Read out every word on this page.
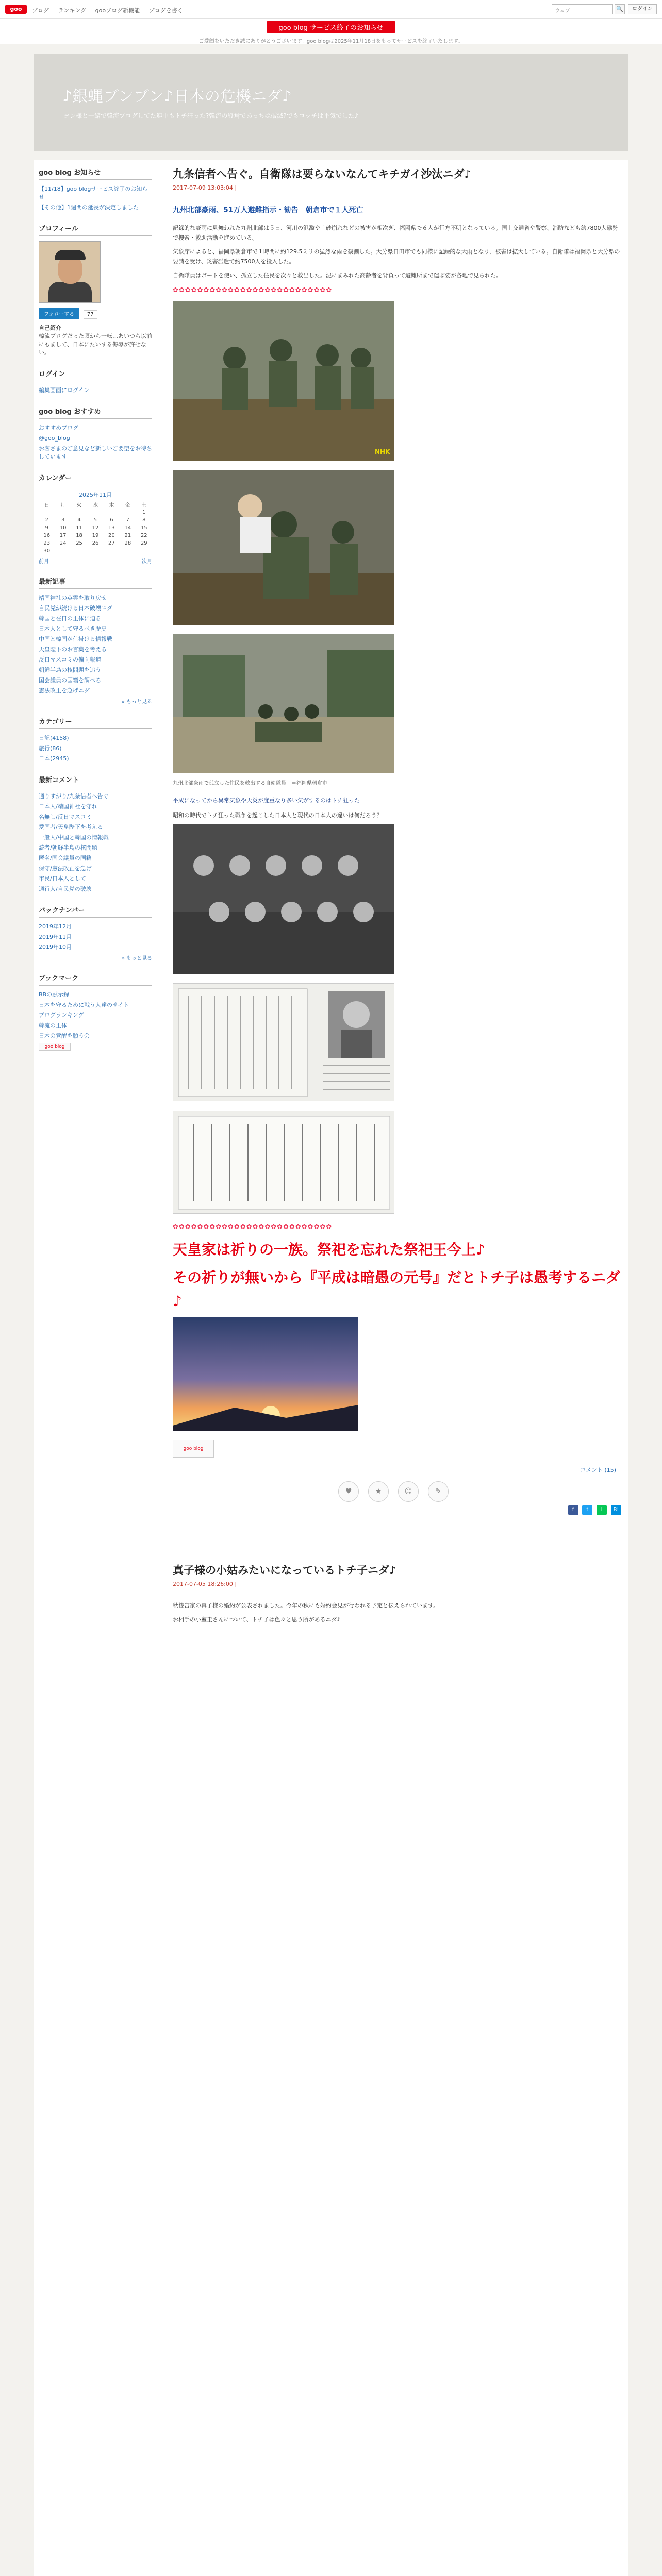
goo	ブログ ランキング gooブログ新機能 ブログを書く	ウェブ	🔍	ログイン
goo blog サービス終了のお知らせ
ご愛顧をいただき誠にありがとうございます。goo blogは2025年11月18日をもってサービスを終了いたします。
♪銀蝿ブンブン♪日本の危機ニダ♪
ヨン様と一緒で韓流ブログしてた連中もトチ狂った?韓流の終焉であっちは破滅?でもコッチは平気でした♪
goo blog お知らせ
【11/18】goo blogサービス終了のお知らせ
【その他】1週間の延長が決定しました
プロフィール
フォローする 77
自己紹介
韓流ブログだった頃から一転…あいつら以前にもまして、日本にたいする侮辱が許せない。
ログイン
編集画面にログイン
goo blog おすすめ
おすすめブログ
@goo_blog
お客さまのご意見など新しいご要望をお待ちしています
カレンダー
2025年11月
日	月	火	水	木	金	土
						1
2	3	4	5	6	7	8
9	10	11	12	13	14	15
16	17	18	19	20	21	22
23	24	25	26	27	28	29
30						
前月	次月
最新記事
靖国神社の英霊を取り戻せ
自民党が続ける日本破壊ニダ
韓国と在日の正体に迫る
日本人として守るべき歴史
中国と韓国が仕掛ける情報戦
天皇陛下のお言葉を考える
反日マスコミの偏向報道
朝鮮半島の核問題を追う
国会議員の国籍を調べろ
憲法改正を急げニダ
» もっと見る
カテゴリー
日記(4158)
旅行(86)
日本(2945)
最新コメント
通りすがり/九条信者へ告ぐ
日本人/靖国神社を守れ
名無し/反日マスコミ
愛国者/天皇陛下を考える
一般人/中国と韓国の情報戦
読者/朝鮮半島の核問題
匿名/国会議員の国籍
保守/憲法改正を急げ
市民/日本人として
通行人/自民党の破壊
バックナンバー
2019年12月
2019年11月
2019年10月
» もっと見る
ブックマーク
BBの黙示録
日本を守るために戦う人達のサイト
ブログランキング
韓流の正体
日本の覚醒を願う会
goo blog
九条信者へ告ぐ。自衛隊は要らないなんてキチガイ沙汰ニダ♪
2017-07-09 13:03:04 |
九州北部豪雨、51万人避難指示・勧告　朝倉市で１人死亡
記録的な豪雨に見舞われた九州北部は５日、河川の氾濫や土砂崩れなどの被害が相次ぎ、福岡県で６人が行方不明となっている。国土交通省や警察、消防なども約7800人態勢で捜索・救助活動を進めている。
気象庁によると、福岡県朝倉市で１時間に約129.5ミリの猛烈な雨を観測した。大分県日田市でも同様に記録的な大雨となり、被害は拡大している。自衛隊は福岡県と大分県の要請を受け、災害派遣で約7500人を投入した。
自衛隊員はボートを使い、孤立した住民を次々と救出した。泥にまみれた高齢者を背負って避難所まで運ぶ姿が各地で見られた。
✿✿✿✿✿✿✿✿✿✿✿✿✿✿✿✿✿✿✿✿✿✿✿✿✿✿
NHK
九州北部豪雨で孤立した住民を救出する自衛隊員　＝福岡県朝倉市
平成になってから異常気象や天災が度重なり多い気がするのはトチ狂った
昭和の時代でトチ狂った戦争を起こした日本人と現代の日本人の違いは何だろう？
✿✿✿✿✿✿✿✿✿✿✿✿✿✿✿✿✿✿✿✿✿✿✿✿✿✿
天皇家は祈りの一族。祭祀を忘れた祭祀王今上♪
その祈りが無いから『平成は暗愚の元号』だとトチ子は愚考するニダ♪
goo blog
コメント (15)
♥	★	☺	✎
f t L B!
真子様の小姑みたいになっているトチ子ニダ♪
2017-07-05 18:26:00 |
秋篠宮家の真子様の婚約が公表されました。今年の秋にも婚約会見が行われる予定と伝えられています。
お相手の小室圭さんについて、トチ子は色々と思う所があるニダ♪
